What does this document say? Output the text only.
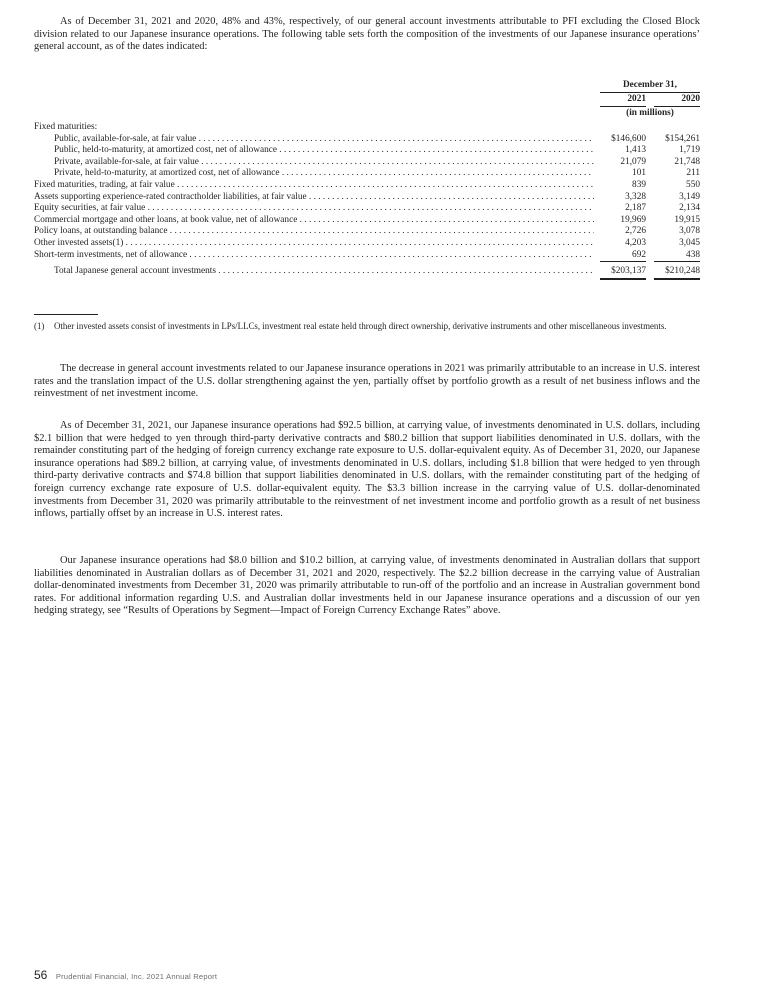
As of December 31, 2021 and 2020, 48% and 43%, respectively, of our general account investments attributable to PFI excluding the Closed Block division related to our Japanese insurance operations. The following table sets forth the composition of the investments of our Japanese insurance operations’ general account, as of the dates indicated:

December 31,
2021	2020
(in millions)
Fixed maturities:
Public, available-for-sale, at fair value . . .	$146,600	$154,261
Public, held-to-maturity, at amortized cost, net of allowance . . .	1,413	1,719
Private, available-for-sale, at fair value . . .	21,079	21,748
Private, held-to-maturity, at amortized cost, net of allowance . . .	101	211
Fixed maturities, trading, at fair value . . .	839	550
Assets supporting experience-rated contractholder liabilities, at fair value . . .	3,328	3,149
Equity securities, at fair value . . .	2,187	2,134
Commercial mortgage and other loans, at book value, net of allowance . . .	19,969	19,915
Policy loans, at outstanding balance . . .	2,726	3,078
Other invested assets(1) . . .	4,203	3,045
Short-term investments, net of allowance . . .	692	438
Total Japanese general account investments . . .	$203,137	$210,248
(1) Other invested assets consist of investments in LPs/LLCs, investment real estate held through direct ownership, derivative instruments and other miscellaneous investments.

The decrease in general account investments related to our Japanese insurance operations in 2021 was primarily attributable to an increase in U.S. interest rates and the translation impact of the U.S. dollar strengthening against the yen, partially offset by portfolio growth as a result of net business inflows and the reinvestment of net investment income.

As of December 31, 2021, our Japanese insurance operations had $92.5 billion, at carrying value, of investments denominated in U.S. dollars, including $2.1 billion that were hedged to yen through third-party derivative contracts and $80.2 billion that support liabilities denominated in U.S. dollars, with the remainder constituting part of the hedging of foreign currency exchange rate exposure to U.S. dollar-equivalent equity. As of December 31, 2020, our Japanese insurance operations had $89.2 billion, at carrying value, of investments denominated in U.S. dollars, including $1.8 billion that were hedged to yen through third-party derivative contracts and $74.8 billion that support liabilities denominated in U.S. dollars, with the remainder constituting part of the hedging of foreign currency exchange rate exposure of U.S. dollar-equivalent equity. The $3.3 billion increase in the carrying value of U.S. dollar-denominated investments from December 31, 2020 was primarily attributable to the reinvestment of net investment income and portfolio growth as a result of net business inflows, partially offset by an increase in U.S. interest rates.

Our Japanese insurance operations had $8.0 billion and $10.2 billion, at carrying value, of investments denominated in Australian dollars that support liabilities denominated in Australian dollars as of December 31, 2021 and 2020, respectively. The $2.2 billion decrease in the carrying value of Australian dollar-denominated investments from December 31, 2020 was primarily attributable to run-off of the portfolio and an increase in Australian government bond rates. For additional information regarding U.S. and Australian dollar investments held in our Japanese insurance operations and a discussion of our yen hedging strategy, see “Results of Operations by Segment—Impact of Foreign Currency Exchange Rates” above.

56 Prudential Financial, Inc. 2021 Annual Report
